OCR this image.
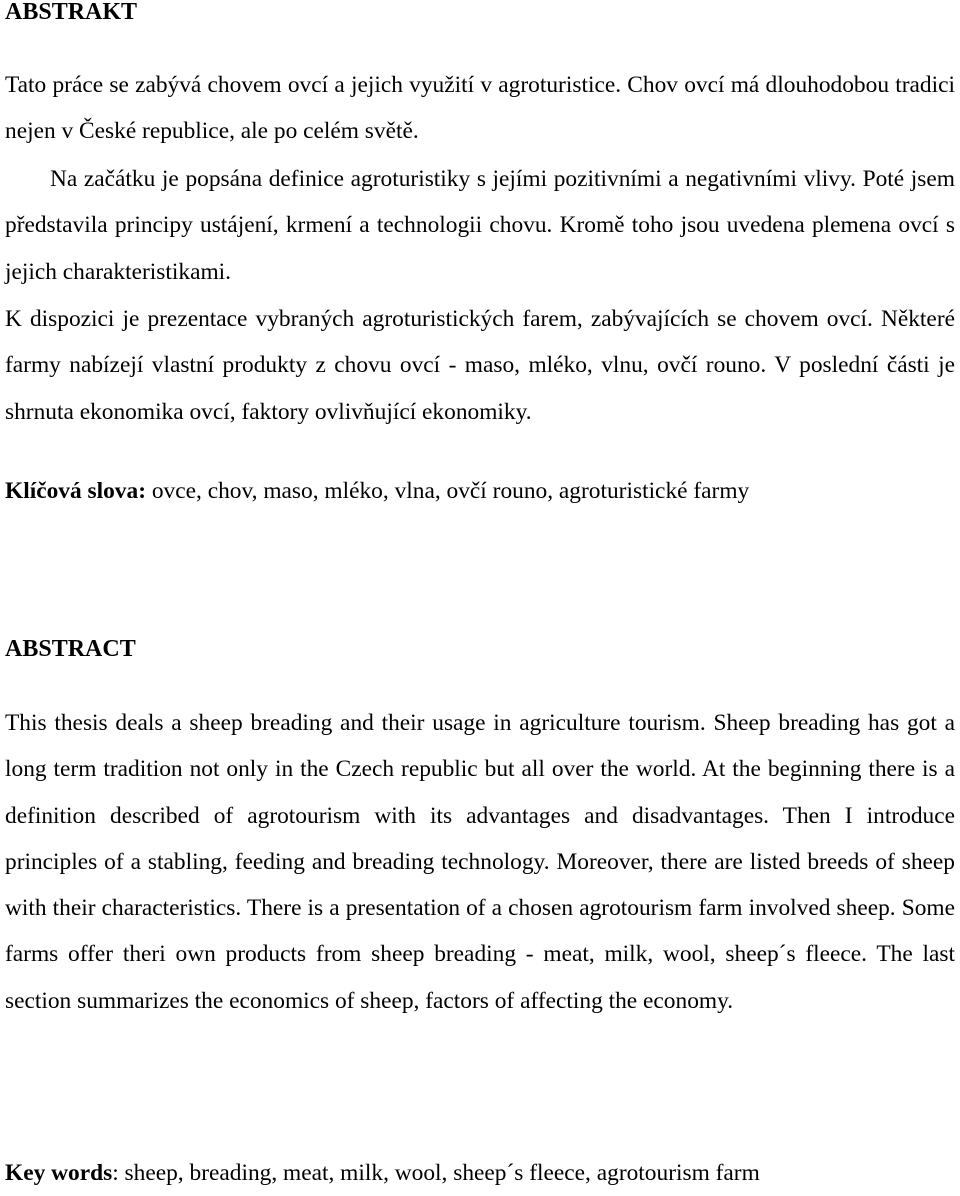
ABSTRAKT

Tato práce se zabývá chovem ovcí a jejich využití v agroturistice. Chov ovcí má dlouhodobou tradici nejen v České republice, ale po celém světě.

Na začátku je popsána definice agroturistiky s jejími pozitivními a negativními vlivy. Poté jsem představila principy ustájení, krmení a technologii chovu. Kromě toho jsou uvedena plemena ovcí s jejich charakteristikami.

K dispozici je prezentace vybraných agroturistických farem, zabývajících se chovem ovcí. Některé farmy nabízejí vlastní produkty z chovu ovcí - maso, mléko, vlnu, ovčí rouno. V poslední části je shrnuta ekonomika ovcí, faktory ovlivňující ekonomiky.

Klíčová slova: ovce, chov, maso, mléko, vlna, ovčí rouno, agroturistické farmy

ABSTRACT

This thesis deals a sheep breading and their usage in agriculture tourism. Sheep breading has got a long term tradition not only in the Czech republic but all over the world. At the beginning there is a definition described of agrotourism with its advantages and disadvantages. Then I introduce principles of a stabling, feeding and breading technology. Moreover, there are listed breeds of sheep with their characteristics. There is a presentation of a chosen agrotourism farm involved sheep. Some farms offer theri own products from sheep breading - meat, milk, wool, sheep´s fleece. The last section summarizes the economics of sheep, factors of affecting the economy.

Key words: sheep, breading, meat, milk, wool, sheep´s fleece, agrotourism farm
